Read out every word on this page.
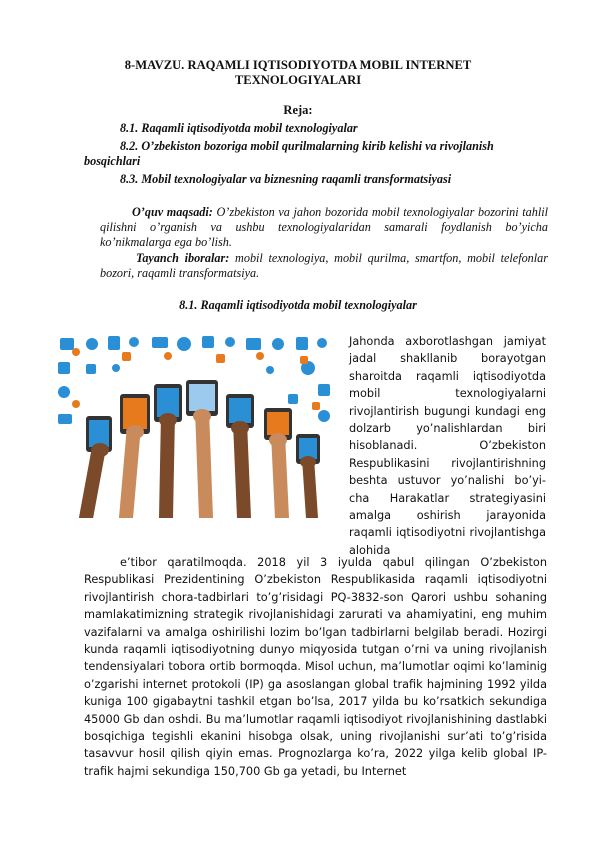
8-MAVZU. RAQAMLI IQTISODIYOTDA MOBIL INTERNET TEXNOLOGIYALARI
Reja:
8.1. Raqamli iqtisodiyotda mobil texnologiyalar
8.2. O’zbekiston bozoriga mobil qurilmalarning kirib kelishi va rivojlanish bosqichlari
8.3. Mobil texnologiyalar va biznesning raqamli transformatsiyasi
O’quv maqsadi: O’zbekiston va jahon bozorida mobil texnologiyalar bozorini tahlil qilishni o’rganish va ushbu texnologiyalaridan samarali foydlanish bo’yicha ko’nikmalarga ega bo’lish.
Tayanch iboralar: mobil texnologiya, mobil qurilma, smartfon, mobil telefonlar bozori, raqamli transformatsiya.
8.1. Raqamli iqtisodiyotda mobil texnologiyalar
Jahonda axborotlashgan jamiyat jadal shakllanib borayotgan sharoitda raqamli iqtisodiyotda mobil texnologiyalarni rivojlantirish bugungi kundagi eng dolzarb yo’nalishlardan biri hisoblanadi. O’zbekiston Respublikasini rivojlantirishning beshta ustuvor yo’nalishi bo’yi-cha Harakatlar strategiyasini amalga oshirish jarayonida raqamli iqtisodiyotni rivojlantishga alohida
e’tibor qaratilmoqda. 2018 yil 3 iyulda qabul qilingan O’zbekiston Respublikasi Prezidentining O’zbekiston Respublikasida raqamli iqtisodiyotni rivojlantirish chora-tadbirlari to’g’risidagi PQ-3832-son Qarori ushbu sohaning mamlakatimizning strategik rivojlanishidagi zarurati va ahamiyatini, eng muhim vazifalarni va amalga oshirilishi lozim bo’lgan tadbirlarni belgilab beradi. Hozirgi kunda raqamli iqtisodiyotning dunyo miqyosida tutgan o’rni va uning rivojlanish tendensiyalari tobora ortib bormoqda. Misol uchun, ma’lumotlar oqimi ko’laminig o’zgarishi internet protokoli (IP) ga asoslangan global trafik hajmining 1992 yilda kuniga 100 gigabaytni tashkil etgan bo’lsa, 2017 yilda bu ko’rsatkich sekundiga 45000 Gb dan oshdi. Bu ma’lumotlar raqamli iqtisodiyot rivojlanishining dastlabki bosqichiga tegishli ekanini hisobga olsak, uning rivojlanishi sur’ati to’g’risida tasavvur hosil qilish qiyin emas. Prognozlarga ko’ra, 2022 yilga kelib global IP-trafik hajmi sekundiga 150,700 Gb ga yetadi, bu Internet
